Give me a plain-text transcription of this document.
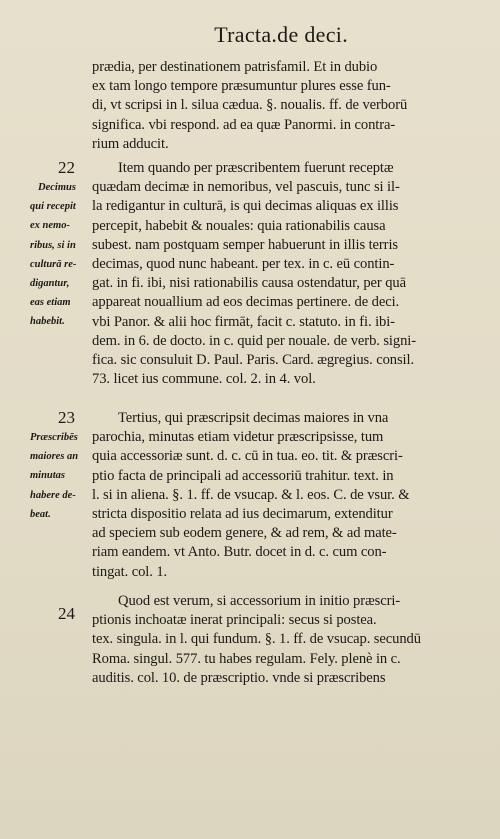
Tracta.de deci.
prædia, per destinationem patrisfamil. Et in dubio
ex tam longo tempore præsumuntur plures esse fun-
di, vt scripsi in l. silua cædua. §. noualis. ff. de verborū
significa. vbi respond. ad ea quæ Panormi. in contra-
rium adducit.
22
Decimus
qui recepit
ex nemo-
ribus, si in
culturā re-
digantur,
eas etiam
habebit.
Item quando per præscribentem fuerunt receptæ
quædam decimæ in nemoribus, vel pascuis, tunc si il-
la redigantur in culturā, is qui decimas aliquas ex illis
percepit, habebit & nouales: quia rationabilis causa
subest. nam postquam semper habuerunt in illis terris
decimas, quod nunc habeant. per tex. in c. eū contin-
gat. in fi. ibi, nisi rationabilis causa ostendatur, per quā
appareat nouallium ad eos decimas pertinere. de deci.
vbi Panor. & alii hoc firmāt, facit c. statuto. in fi. ibi-
dem. in 6. de docto. in c. quid per nouale. de verb. signi-
fica. sic consuluit D. Paul. Paris. Card. ægregius. consil.
73. licet ius commune. col. 2. in 4. vol.
23
Præscribēs
maiores an
minutas
habere de-
beat.
Tertius, qui præscripsit decimas maiores in vna
parochia, minutas etiam videtur præscripsisse, tum
quia accessoriæ sunt. d. c. cū in tua. eo. tit. & præscri-
ptio facta de principali ad accessoriū trahitur. text. in
l. si in aliena. §. 1. ff. de vsucap. & l. eos. C. de vsur. &
stricta dispositio relata ad ius decimarum, extenditur
ad speciem sub eodem genere, & ad rem, & ad mate-
riam eandem. vt Anto. Butr. docet in d. c. cum con-
tingat. col. 1.
24
Quod est verum, si accessorium in initio præscri-
ptionis inchoatæ inerat principali: secus si postea.
tex. singula. in l. qui fundum. §. 1. ff. de vsucap. secundū
Roma. singul. 577. tu habes regulam. Fely. plenè in c.
auditis. col. 10. de præscriptio. vnde si præscribens
